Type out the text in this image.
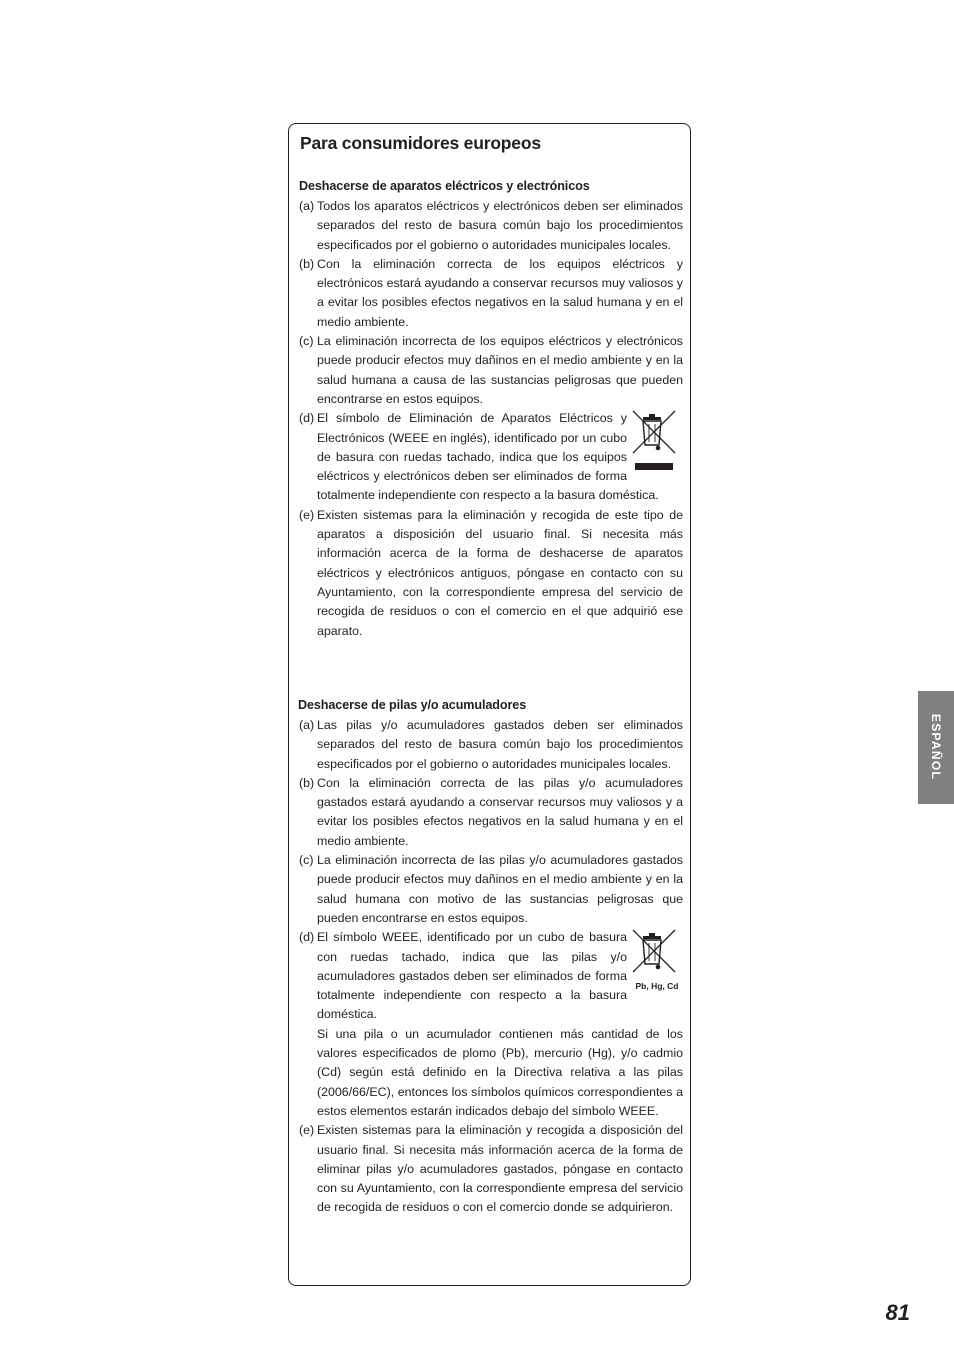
Para consumidores europeos
Deshacerse de aparatos eléctricos y electrónicos
(a) Todos los aparatos eléctricos y electrónicos deben ser eliminados separados del resto de basura común bajo los procedimientos especificados por el gobierno o autoridades municipales locales.
(b) Con la eliminación correcta de los equipos eléctricos y electrónicos estará ayudando a conservar recursos muy valiosos y a evitar los posibles efectos negativos en la salud humana y en el medio ambiente.
(c) La eliminación incorrecta de los equipos eléctricos y electrónicos puede producir efectos muy dañinos en el medio ambiente y en la salud humana a causa de las sustancias peligrosas que pueden encontrarse en estos equipos.
(d) El símbolo de Eliminación de Aparatos Eléctricos y Electrónicos (WEEE en inglés), identificado por un cubo de basura con ruedas tachado, indica que los equipos eléctricos y electrónicos deben ser eliminados de forma totalmente independiente con respecto a la basura doméstica.
(e) Existen sistemas para la eliminación y recogida de este tipo de aparatos a disposición del usuario final. Si necesita más información acerca de la forma de deshacerse de aparatos eléctricos y electrónicos antiguos, póngase en contacto con su Ayuntamiento, con la correspondiente empresa del servicio de recogida de residuos o con el comercio en el que adquirió ese aparato.
Deshacerse de pilas y/o acumuladores
(a) Las pilas y/o acumuladores gastados deben ser eliminados separados del resto de basura común bajo los procedimientos especificados por el gobierno o autoridades municipales locales.
(b) Con la eliminación correcta de las pilas y/o acumuladores gastados estará ayudando a conservar recursos muy valiosos y a evitar los posibles efectos negativos en la salud humana y en el medio ambiente.
(c) La eliminación incorrecta de las pilas y/o acumuladores gastados puede producir efectos muy dañinos en el medio ambiente y en la salud humana con motivo de las sustancias peligrosas que pueden encontrarse en estos equipos.
(d)
Pb, Hg, Cd
El símbolo WEEE, identificado por un cubo de basura con ruedas tachado, indica que las pilas y/o acumuladores gastados deben ser eliminados de forma totalmente independiente con respecto a la basura doméstica.
Si una pila o un acumulador contienen más cantidad de los valores especificados de plomo (Pb), mercurio (Hg), y/o cadmio (Cd) según está definido en la Directiva relativa a las pilas (2006/66/EC), entonces los símbolos químicos correspondientes a estos elementos estarán indicados debajo del símbolo WEEE.
(e) Existen sistemas para la eliminación y recogida a disposición del usuario final. Si necesita más información acerca de la forma de eliminar pilas y/o acumuladores gastados, póngase en contacto con su Ayuntamiento, con la correspondiente empresa del servicio de recogida de residuos o con el comercio donde se adquirieron.
ESPAÑOL
81
